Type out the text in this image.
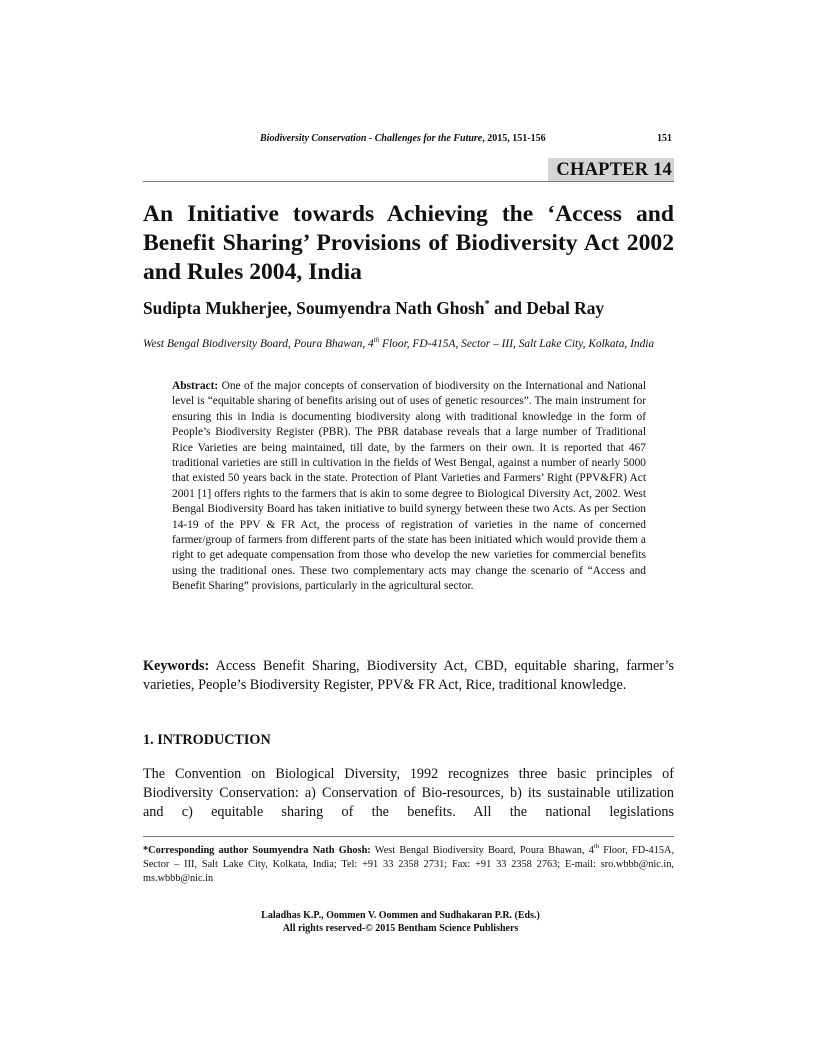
Biodiversity Conservation - Challenges for the Future, 2015, 151-156	151
CHAPTER 14
An Initiative towards Achieving the ‘Access and Benefit Sharing’ Provisions of Biodiversity Act 2002 and Rules 2004, India

Sudipta Mukherjee, Soumyendra Nath Ghosh* and Debal Ray

West Bengal Biodiversity Board, Poura Bhawan, 4th Floor, FD-415A, Sector – III, Salt Lake City, Kolkata, India

Abstract: One of the major concepts of conservation of biodiversity on the International and National level is “equitable sharing of benefits arising out of uses of genetic resources”. The main instrument for ensuring this in India is documenting biodiversity along with traditional knowledge in the form of People’s Biodiversity Register (PBR). The PBR database reveals that a large number of Traditional Rice Varieties are being maintained, till date, by the farmers on their own. It is reported that 467 traditional varieties are still in cultivation in the fields of West Bengal, against a number of nearly 5000 that existed 50 years back in the state. Protection of Plant Varieties and Farmers’ Right (PPV&FR) Act 2001 [1] offers rights to the farmers that is akin to some degree to Biological Diversity Act, 2002. West Bengal Biodiversity Board has taken initiative to build synergy between these two Acts. As per Section 14-19 of the PPV & FR Act, the process of registration of varieties in the name of concerned farmer/group of farmers from different parts of the state has been initiated which would provide them a right to get adequate compensation from those who develop the new varieties for commercial benefits using the traditional ones. These two complementary acts may change the scenario of “Access and Benefit Sharing” provisions, particularly in the agricultural sector.

Keywords: Access Benefit Sharing, Biodiversity Act, CBD, equitable sharing, farmer’s varieties, People’s Biodiversity Register, PPV& FR Act, Rice, traditional knowledge.

1. INTRODUCTION

The Convention on Biological Diversity, 1992 recognizes three basic principles of Biodiversity Conservation: a) Conservation of Bio-resources, b) its sustainable utilization and c) equitable sharing of the benefits. All the national legislations

*Corresponding author Soumyendra Nath Ghosh: West Bengal Biodiversity Board, Poura Bhawan, 4th Floor, FD-415A, Sector – III, Salt Lake City, Kolkata, India; Tel: +91 33 2358 2731; Fax: +91 33 2358 2763; E-mail: sro.wbbb@nic.in, ms.wbbb@nic.in

Laladhas K.P., Oommen V. Oommen and Sudhakaran P.R. (Eds.)
All rights reserved-© 2015 Bentham Science Publishers
